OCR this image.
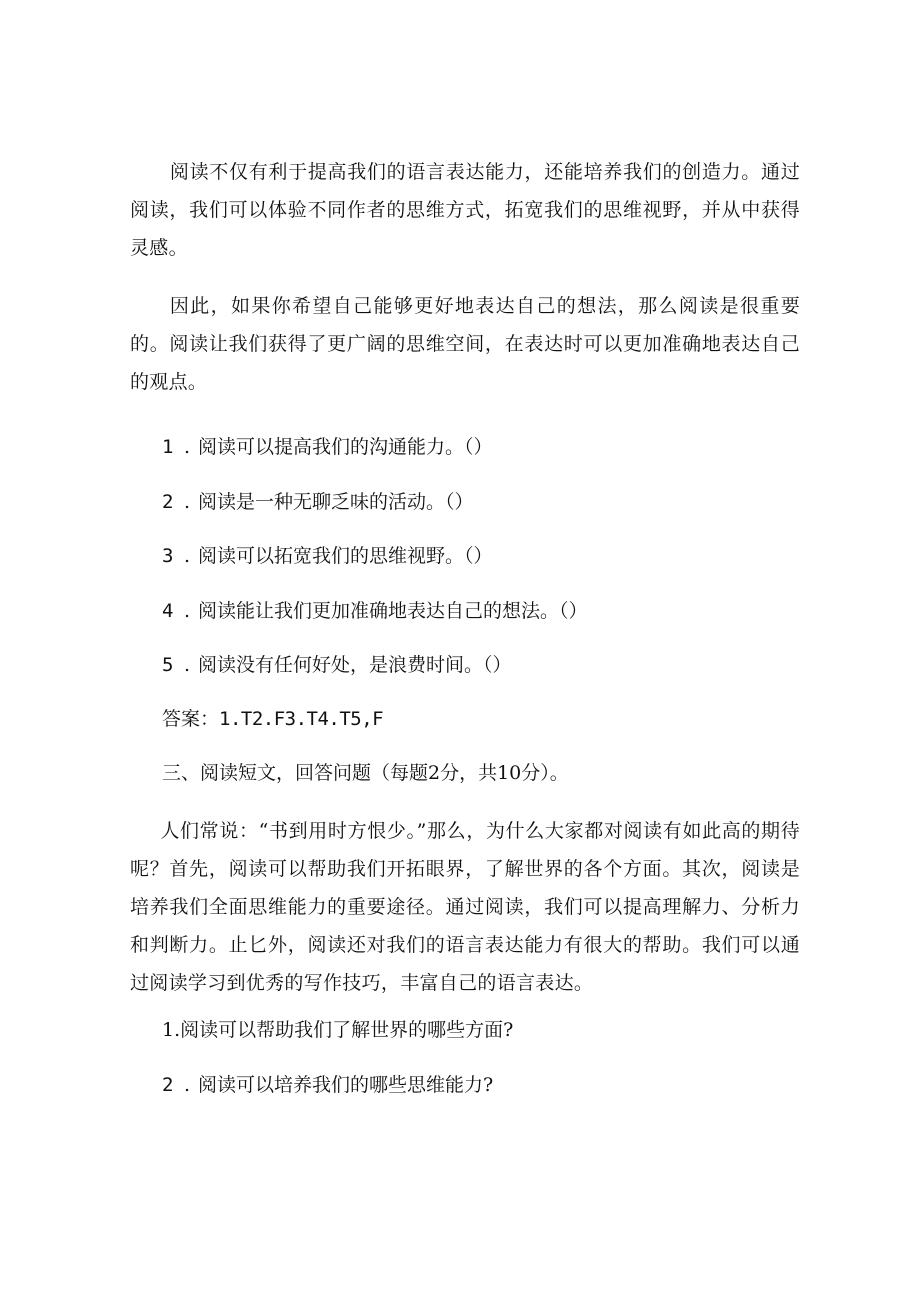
阅读不仅有利于提高我们的语言表达能力，还能培养我们的创造力。通过阅读，我们可以体验不同作者的思维方式，拓宽我们的思维视野，并从中获得灵感。

因此，如果你希望自己能够更好地表达自己的想法，那么阅读是很重要的。阅读让我们获得了更广阔的思维空间，在表达时可以更加准确地表达自己的观点。

1 . 阅读可以提高我们的沟通能力。（）

2 . 阅读是一种无聊乏味的活动。（）

3 . 阅读可以拓宽我们的思维视野。（）

4 . 阅读能让我们更加准确地表达自己的想法。（）

5 . 阅读没有任何好处，是浪费时间。（）

答案：1.T2.F3.T4.T5,F

三、阅读短文，回答问题（每题2分，共10分）。

人们常说：“书到用时方恨少。”那么，为什么大家都对阅读有如此高的期待呢？首先，阅读可以帮助我们开拓眼界，了解世界的各个方面。其次，阅读是培养我们全面思维能力的重要途径。通过阅读，我们可以提高理解力、分析力和判断力。止匕外，阅读还对我们的语言表达能力有很大的帮助。我们可以通过阅读学习到优秀的写作技巧，丰富自己的语言表达。

1.阅读可以帮助我们了解世界的哪些方面?

2 . 阅读可以培养我们的哪些思维能力?
